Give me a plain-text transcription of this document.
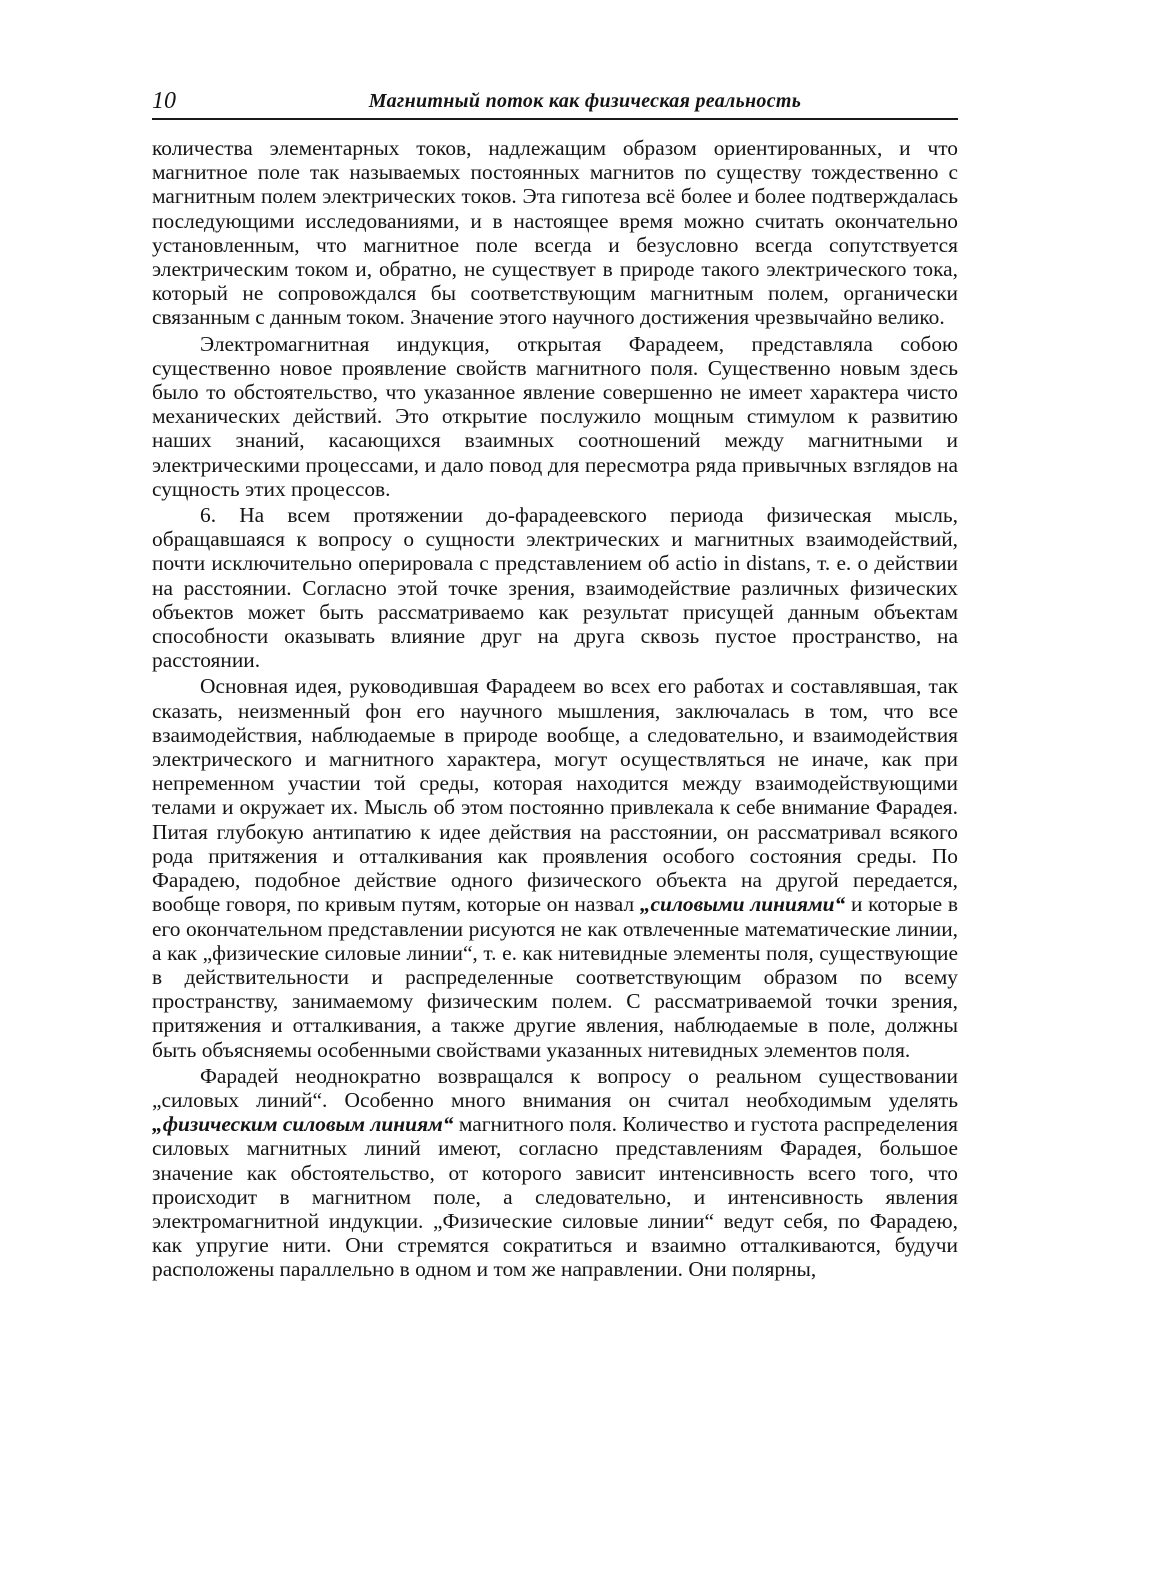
10	Магнитный поток как физическая реальность

количества элементарных токов, надлежащим образом ориентированных, и что магнитное поле так называемых постоянных магнитов по существу тождественно с магнитным полем электрических токов. Эта гипотеза всё более и более подтверждалась последующими исследованиями, и в настоящее время можно считать окончательно установленным, что магнитное поле всегда и безусловно всегда сопутствуется электрическим током и, обратно, не существует в природе такого электрического тока, который не сопровождался бы соответствующим магнитным полем, органически связанным с данным током. Значение этого научного достижения чрезвычайно велико.

Электромагнитная индукция, открытая Фарадеем, представляла собою существенно новое проявление свойств магнитного поля. Существенно новым здесь было то обстоятельство, что указанное явление совершенно не имеет характера чисто механических действий. Это открытие послужило мощным стимулом к развитию наших знаний, касающихся взаимных соотношений между магнитными и электрическими процессами, и дало повод для пересмотра ряда привычных взглядов на сущность этих процессов.

6. На всем протяжении до-фарадеевского периода физическая мысль, обращавшаяся к вопросу о сущности электрических и магнитных взаимодействий, почти исключительно оперировала с представлением об actio in distans, т. е. о действии на расстоянии. Согласно этой точке зрения, взаимодействие различных физических объектов может быть рассматриваемо как результат присущей данным объектам способности оказывать влияние друг на друга сквозь пустое пространство, на расстоянии.

Основная идея, руководившая Фарадеем во всех его работах и составлявшая, так сказать, неизменный фон его научного мышления, заключалась в том, что все взаимодействия, наблюдаемые в природе вообще, а следовательно, и взаимодействия электрического и магнитного характера, могут осуществляться не иначе, как при непременном участии той среды, которая находится между взаимодействующими телами и окружает их. Мысль об этом постоянно привлекала к себе внимание Фарадея. Питая глубокую антипатию к идее действия на расстоянии, он рассматривал всякого рода притяжения и отталкивания как проявления особого состояния среды. По Фарадею, подобное действие одного физического объекта на другой передается, вообще говоря, по кривым путям, которые он назвал „силовыми линиями“ и которые в его окончательном представлении рисуются не как отвлеченные математические линии, а как „физические силовые линии“, т. е. как нитевидные элементы поля, существующие в действительности и распределенные соответствующим образом по всему пространству, занимаемому физическим полем. С рассматриваемой точки зрения, притяжения и отталкивания, а также другие явления, наблюдаемые в поле, должны быть объясняемы особенными свойствами указанных нитевидных элементов поля.

Фарадей неоднократно возвращался к вопросу о реальном существовании „силовых линий“. Особенно много внимания он считал необходимым уделять „физическим силовым линиям“ магнитного поля. Количество и густота распределения силовых магнитных линий имеют, согласно представлениям Фарадея, большое значение как обстоятельство, от которого зависит интенсивность всего того, что происходит в магнитном поле, а следовательно, и интенсивность явления электромагнитной индукции. „Физические силовые линии“ ведут себя, по Фарадею, как упругие нити. Они стремятся сократиться и взаимно отталкиваются, будучи расположены параллельно в одном и том же направлении. Они полярны,
